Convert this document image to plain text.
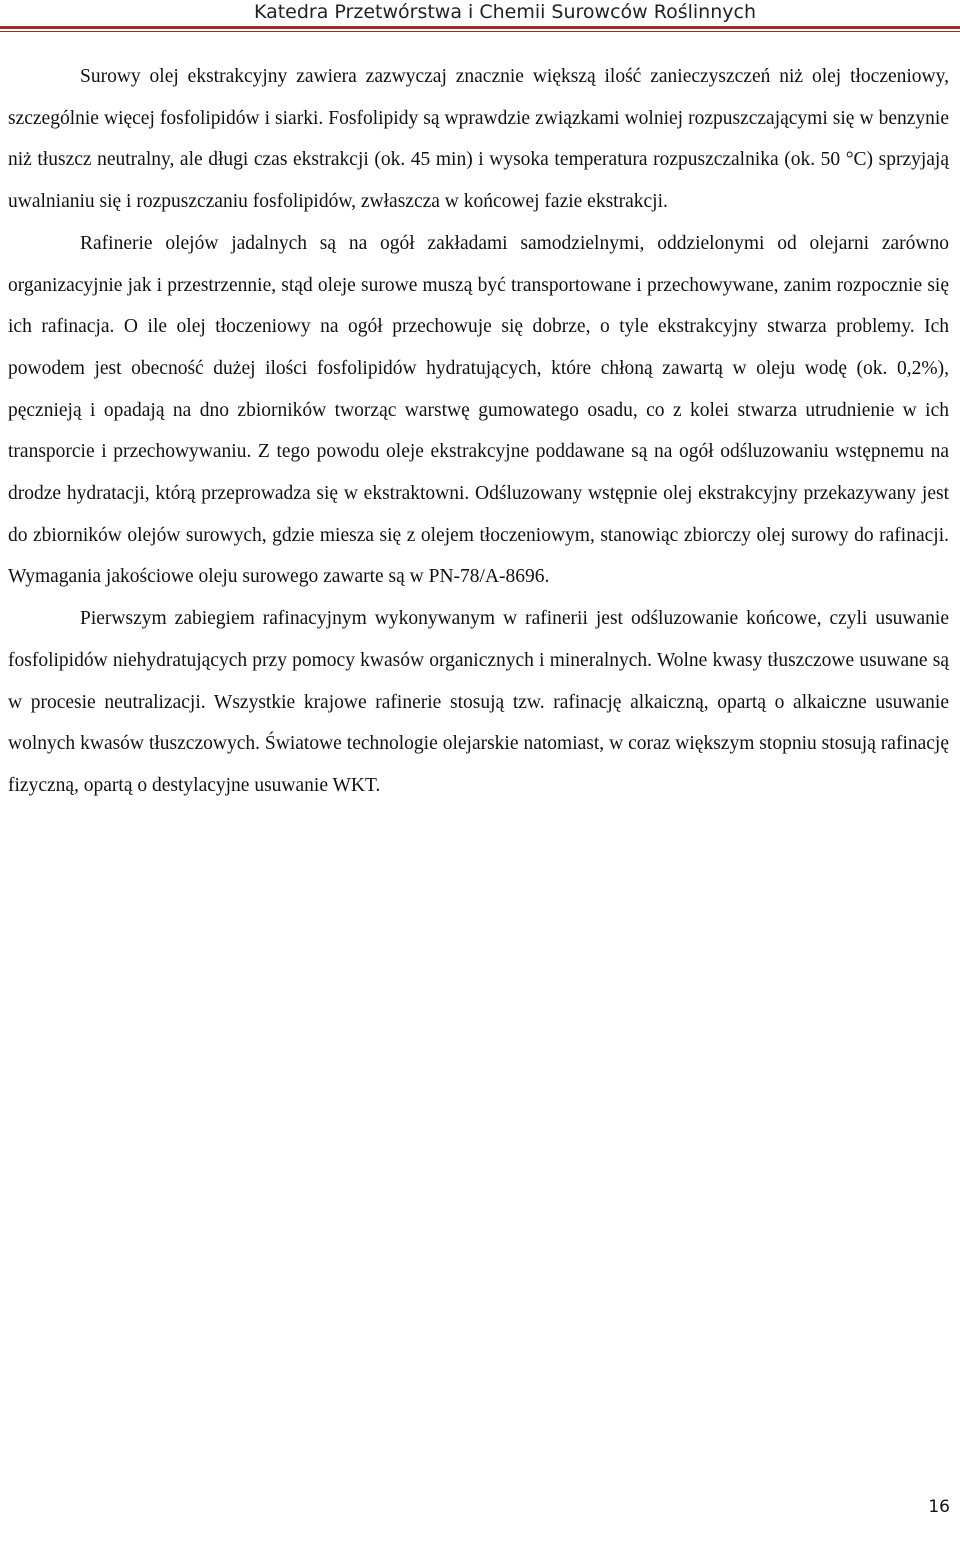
Katedra Przetwórstwa i Chemii Surowców Roślinnych

Surowy olej ekstrakcyjny zawiera zazwyczaj znacznie większą ilość zanieczyszczeń niż olej tłoczeniowy, szczególnie więcej fosfolipidów i siarki. Fosfolipidy są wprawdzie związkami wolniej rozpuszczającymi się w benzynie niż tłuszcz neutralny, ale długi czas ekstrakcji (ok. 45 min) i wysoka temperatura rozpuszczalnika (ok. 50 °C) sprzyjają uwalnianiu się i rozpuszczaniu fosfolipidów, zwłaszcza w końcowej fazie ekstrakcji.

Rafinerie olejów jadalnych są na ogół zakładami samodzielnymi, oddzielonymi od olejarni zarówno organizacyjnie jak i przestrzennie, stąd oleje surowe muszą być transportowane i przechowywane, zanim rozpocznie się ich rafinacja. O ile olej tłoczeniowy na ogół przechowuje się dobrze, o tyle ekstrakcyjny stwarza problemy. Ich powodem jest obecność dużej ilości fosfolipidów hydratujących, które chłoną zawartą w oleju wodę (ok. 0,2%), pęcznieją i opadają na dno zbiorników tworząc warstwę gumowatego osadu, co z kolei stwarza utrudnienie w ich transporcie i przechowywaniu. Z tego powodu oleje ekstrakcyjne poddawane są na ogół odśluzowaniu wstępnemu na drodze hydratacji, którą przeprowadza się w ekstraktowni. Odśluzowany wstępnie olej ekstrakcyjny przekazywany jest do zbiorników olejów surowych, gdzie miesza się z olejem tłoczeniowym, stanowiąc zbiorczy olej surowy do rafinacji. Wymagania jakościowe oleju surowego zawarte są w PN-78/A-8696.

Pierwszym zabiegiem rafinacyjnym wykonywanym w rafinerii jest odśluzowanie końcowe, czyli usuwanie fosfolipidów niehydratujących przy pomocy kwasów organicznych i mineralnych. Wolne kwasy tłuszczowe usuwane są w procesie neutralizacji. Wszystkie krajowe rafinerie stosują tzw. rafinację alkaiczną, opartą o alkaiczne usuwanie wolnych kwasów tłuszczowych. Światowe technologie olejarskie natomiast, w coraz większym stopniu stosują rafinację fizyczną, opartą o destylacyjne usuwanie WKT.

16
